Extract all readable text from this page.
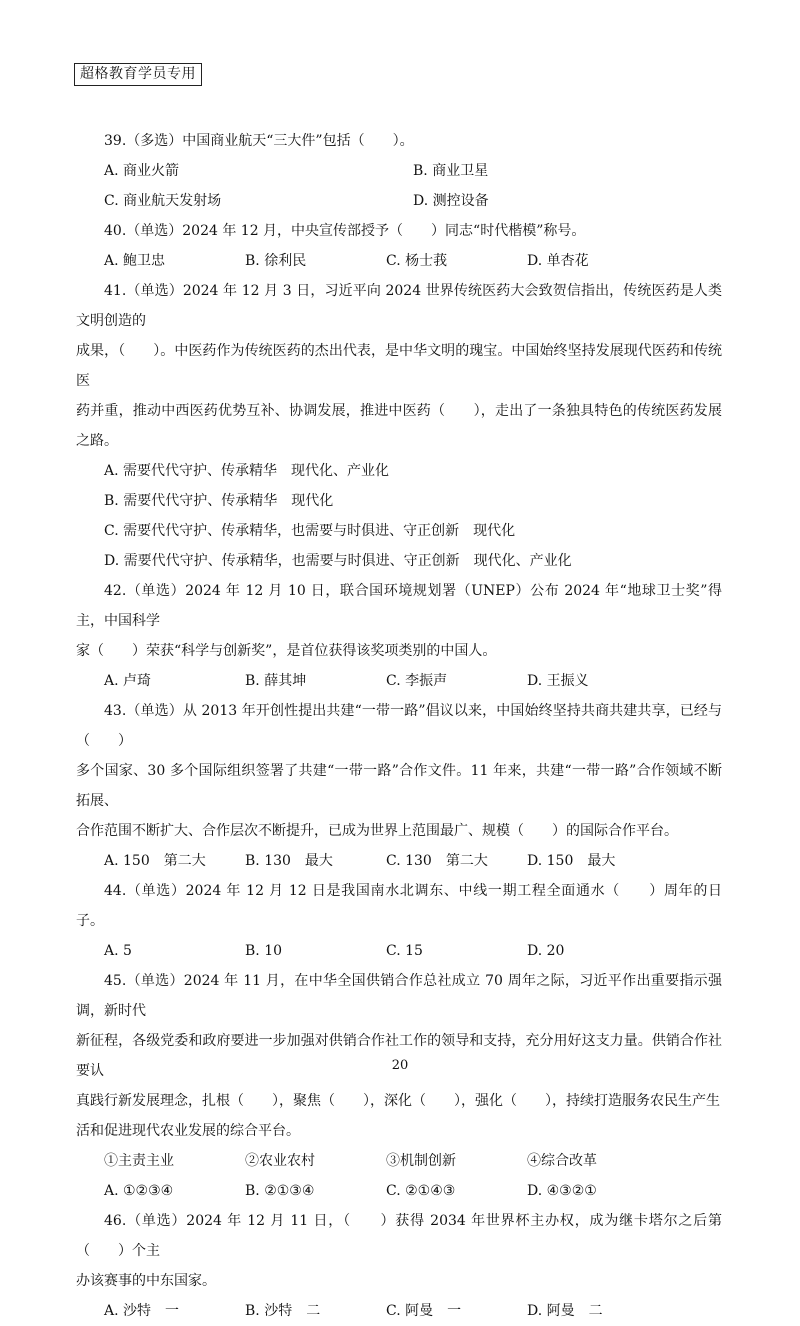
超格教育学员专用

39.（多选）中国商业航天“三大件”包括（　　）。

A. 商业火箭	B. 商业卫星
C. 商业航天发射场	D. 测控设备

40.（单选）2024 年 12 月，中央宣传部授予（　　）同志“时代楷模”称号。

A. 鲍卫忠	B. 徐利民	C. 杨士莪	D. 单杏花

41.（单选）2024 年 12 月 3 日，习近平向 2024 世界传统医药大会致贺信指出，传统医药是人类文明创造的

成果，（　　）。中医药作为传统医药的杰出代表，是中华文明的瑰宝。中国始终坚持发展现代医药和传统医

药并重，推动中西医药优势互补、协调发展，推进中医药（　　），走出了一条独具特色的传统医药发展之路。

A. 需要代代守护、传承精华　现代化、产业化

B. 需要代代守护、传承精华　现代化

C. 需要代代守护、传承精华，也需要与时俱进、守正创新　现代化

D. 需要代代守护、传承精华，也需要与时俱进、守正创新　现代化、产业化

42.（单选）2024 年 12 月 10 日，联合国环境规划署（UNEP）公布 2024 年“地球卫士奖”得主，中国科学

家（　　）荣获“科学与创新奖”，是首位获得该奖项类别的中国人。

A. 卢琦	B. 薛其坤	C. 李振声	D. 王振义

43.（单选）从 2013 年开创性提出共建“一带一路”倡议以来，中国始终坚持共商共建共享，已经与（　　）

多个国家、30 多个国际组织签署了共建“一带一路”合作文件。11 年来，共建“一带一路”合作领域不断拓展、

合作范围不断扩大、合作层次不断提升，已成为世界上范围最广、规模（　　）的国际合作平台。

A. 150　第二大	B. 130　最大	C. 130　第二大	D. 150　最大

44.（单选）2024 年 12 月 12 日是我国南水北调东、中线一期工程全面通水（　　）周年的日子。

A. 5	B. 10	C. 15	D. 20

45.（单选）2024 年 11 月，在中华全国供销合作总社成立 70 周年之际，习近平作出重要指示强调，新时代

新征程，各级党委和政府要进一步加强对供销合作社工作的领导和支持，充分用好这支力量。供销合作社要认

真践行新发展理念，扎根（　　），聚焦（　　），深化（　　），强化（　　），持续打造服务农民生产生

活和促进现代农业发展的综合平台。

①主责主业	②农业农村	③机制创新	④综合改革
A. ①②③④	B. ②①③④	C. ②①④③	D. ④③②①

46.（单选）2024 年 12 月 11 日，（　　）获得 2034 年世界杯主办权，成为继卡塔尔之后第（　　）个主

办该赛事的中东国家。

A. 沙特　一	B. 沙特　二	C. 阿曼　一	D. 阿曼　二
20
